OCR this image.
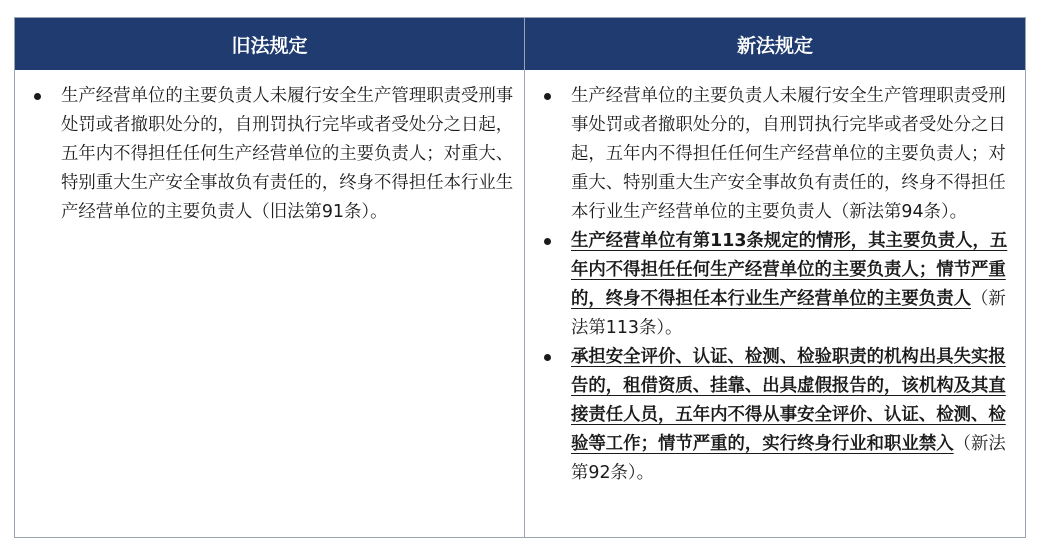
旧法规定	新法规定
生产经营单位的主要负责人未履行安全生产管理职责受刑事处罚或者撤职处分的，自刑罚执行完毕或者受处分之日起，五年内不得担任任何生产经营单位的主要负责人；对重大、特别重大生产安全事故负有责任的，终身不得担任本行业生产经营单位的主要负责人（旧法第91条）。
生产经营单位的主要负责人未履行安全生产管理职责受刑事处罚或者撤职处分的，自刑罚执行完毕或者受处分之日起，五年内不得担任任何生产经营单位的主要负责人；对重大、特别重大生产安全事故负有责任的，终身不得担任本行业生产经营单位的主要负责人（新法第94条）。
生产经营单位有第113条规定的情形，其主要负责人，五年内不得担任任何生产经营单位的主要负责人；情节严重的，终身不得担任本行业生产经营单位的主要负责人（新法第113条）。
承担安全评价、认证、检测、检验职责的机构出具失实报告的，租借资质、挂靠、出具虚假报告的，该机构及其直接责任人员，五年内不得从事安全评价、认证、检测、检验等工作；情节严重的，实行终身行业和职业禁入（新法第92条）。
